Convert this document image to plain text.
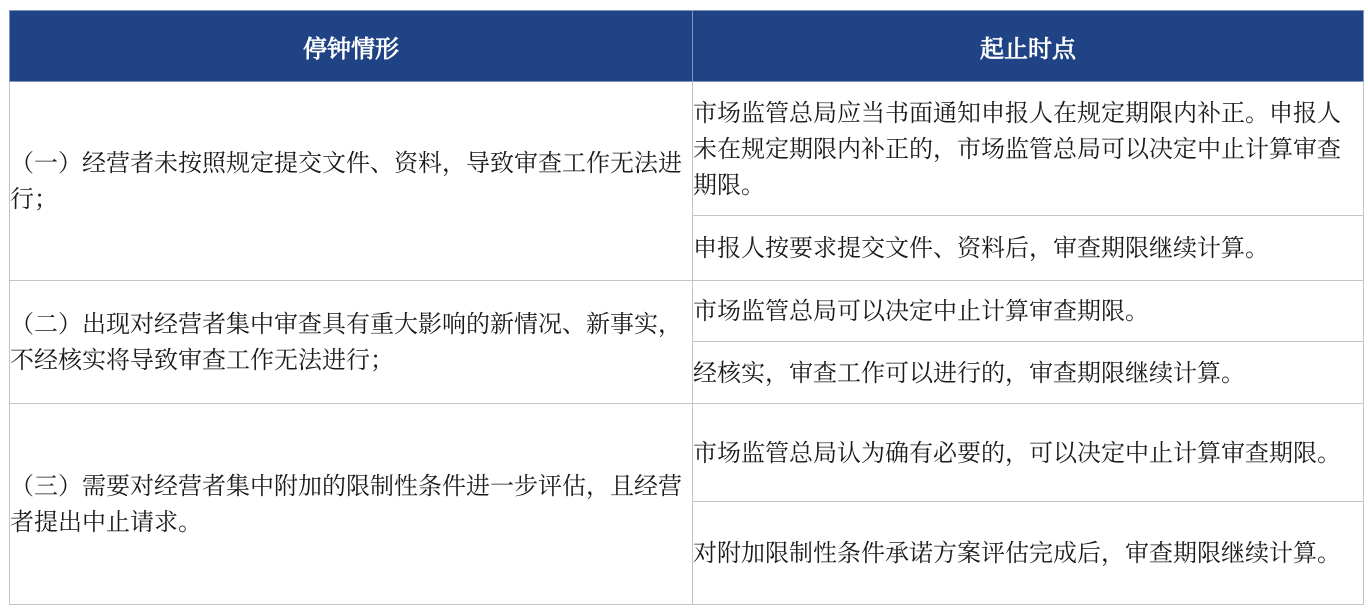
停钟情形	起止时点
（一）经营者未按照规定提交文件、资料，导致审查工作无法进行；	市场监管总局应当书面通知申报人在规定期限内补正。申报人未在规定期限内补正的，市场监管总局可以决定中止计算审查期限。
	申报人按要求提交文件、资料后，审查期限继续计算。
（二）出现对经营者集中审查具有重大影响的新情况、新事实，不经核实将导致审查工作无法进行；	市场监管总局可以决定中止计算审查期限。
	经核实，审查工作可以进行的，审查期限继续计算。
（三）需要对经营者集中附加的限制性条件进一步评估，且经营者提出中止请求。	市场监管总局认为确有必要的，可以决定中止计算审查期限。
	对附加限制性条件承诺方案评估完成后，审查期限继续计算。
